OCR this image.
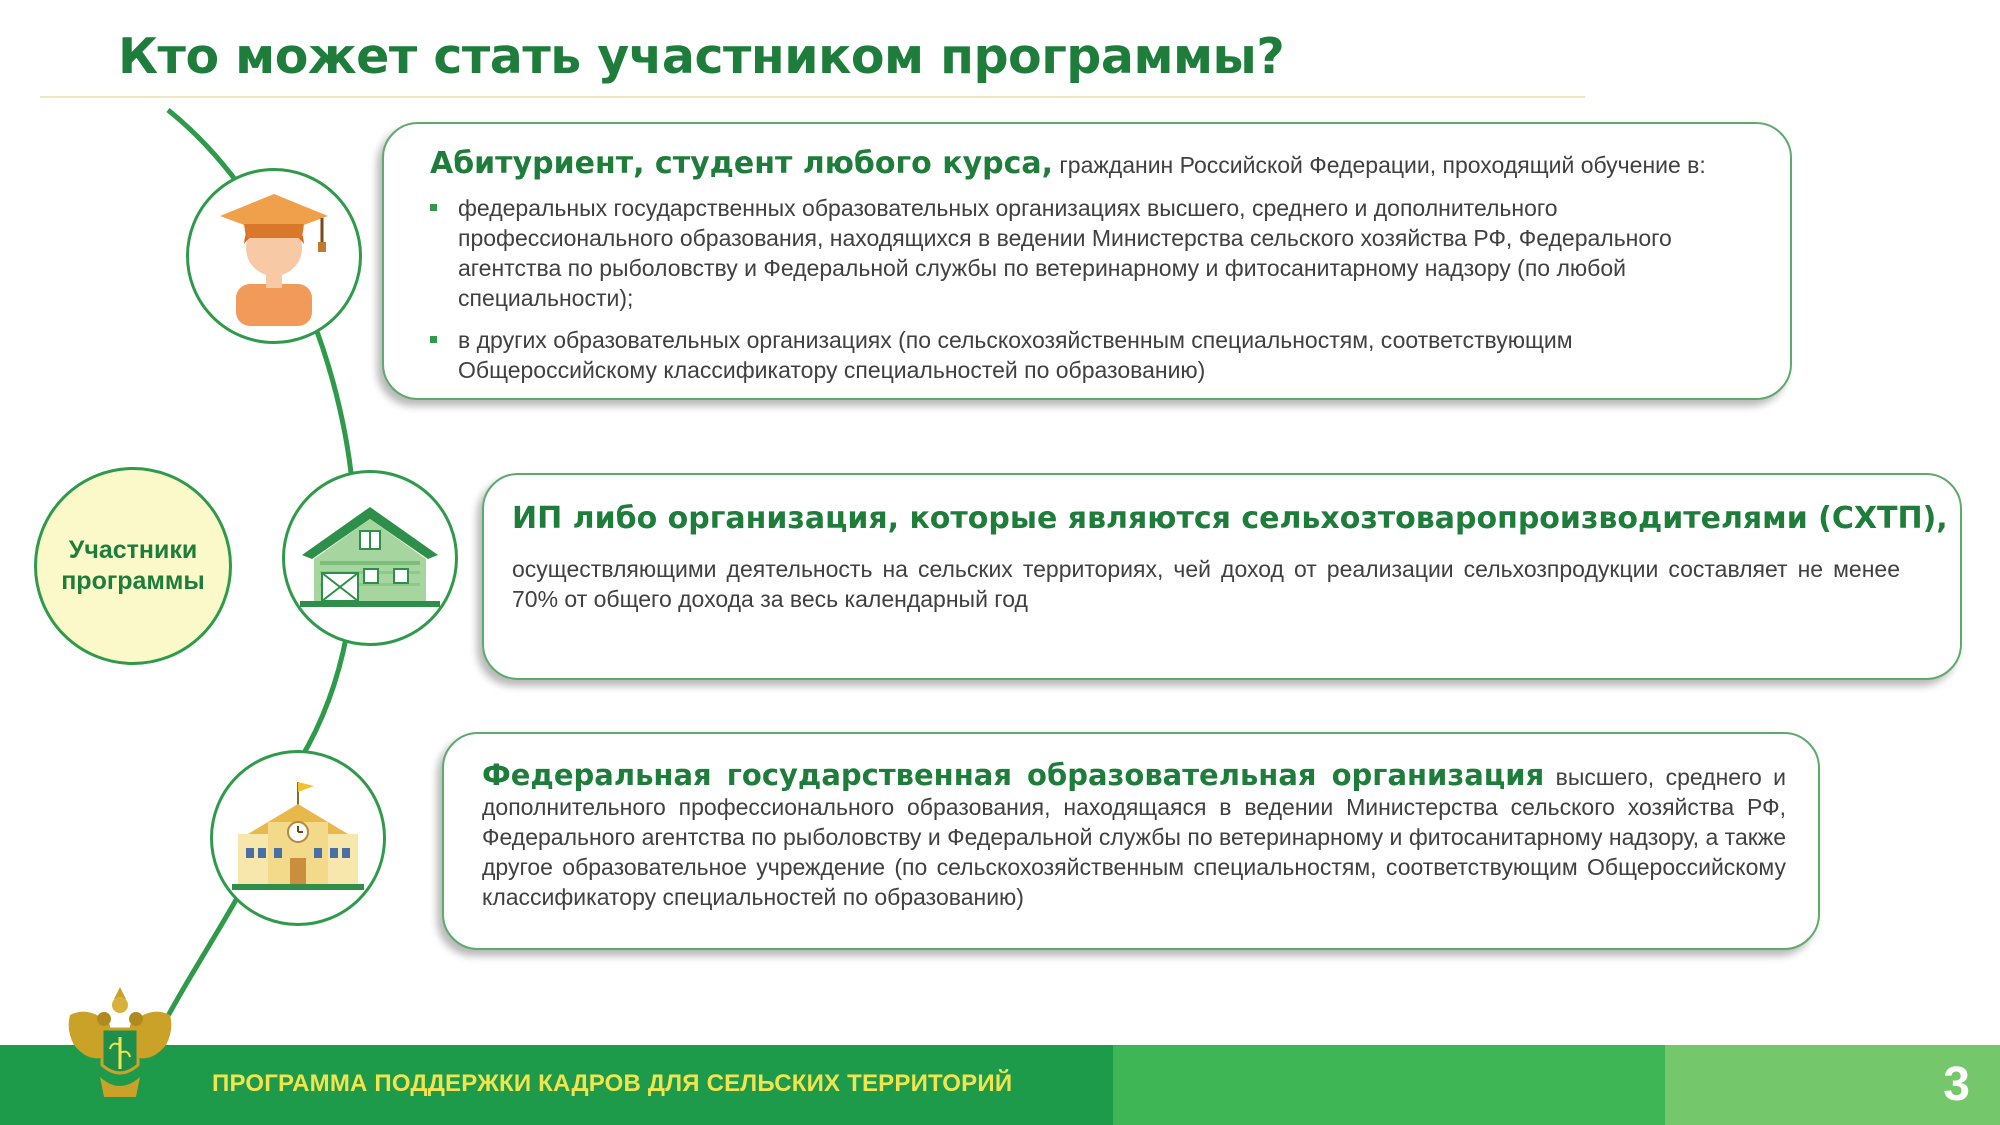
Кто может стать участником программы?
Участники программы
Абитуриент, студент любого курса, гражданин Российской Федерации, проходящий обучение в:
федеральных государственных образовательных организациях высшего, среднего и дополнительного профессионального образования, находящихся в ведении Министерства сельского хозяйства РФ, Федерального агентства по рыболовству и Федеральной службы по ветеринарному и фитосанитарному надзору (по любой специальности);
в других образовательных организациях (по сельскохозяйственным специальностям, соответствующим Общероссийскому классификатору специальностей по образованию)
ИП либо организация, которые являются сельхозтоваропроизводителями (СХТП),
осуществляющими деятельность на сельских территориях, чей доход от реализации сельхозпродукции составляет не менее 70% от общего дохода за весь календарный год

Федеральная государственная образовательная организация высшего, среднего и дополнительного профессионального образования, находящаяся в ведении Министерства сельского хозяйства РФ, Федерального агентства по рыболовству и Федеральной службы по ветеринарному и фитосанитарному надзору, а также другое образовательное учреждение (по сельскохозяйственным специальностям, соответствующим Общероссийскому классификатору специальностей по образованию)

ПРОГРАММА ПОДДЕРЖКИ КАДРОВ ДЛЯ СЕЛЬСКИХ ТЕРРИТОРИЙ	3
